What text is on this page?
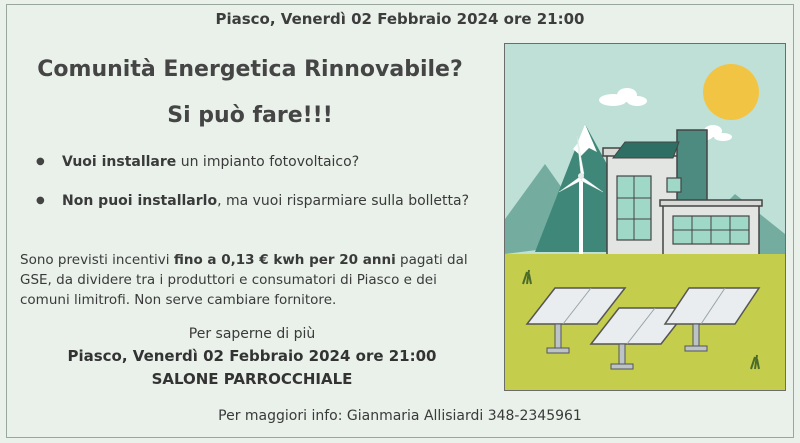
Piasco, Venerdì 02 Febbraio 2024 ore 21:00
Comunità Energetica Rinnovabile?
Si può fare!!!
● Vuoi installare un impianto fotovoltaico?
● Non puoi installarlo, ma vuoi risparmiare sulla bolletta?
Sono previsti incentivi fino a 0,13 € kwh per 20 anni pagati dal GSE, da dividere tra i produttori e consumatori di Piasco e dei comuni limitrofi. Non serve cambiare fornitore.
Per saperne di più
Piasco, Venerdì 02 Febbraio 2024 ore 21:00
SALONE PARROCCHIALE
Per maggiori info: Gianmaria Allisiardi 348-2345961
